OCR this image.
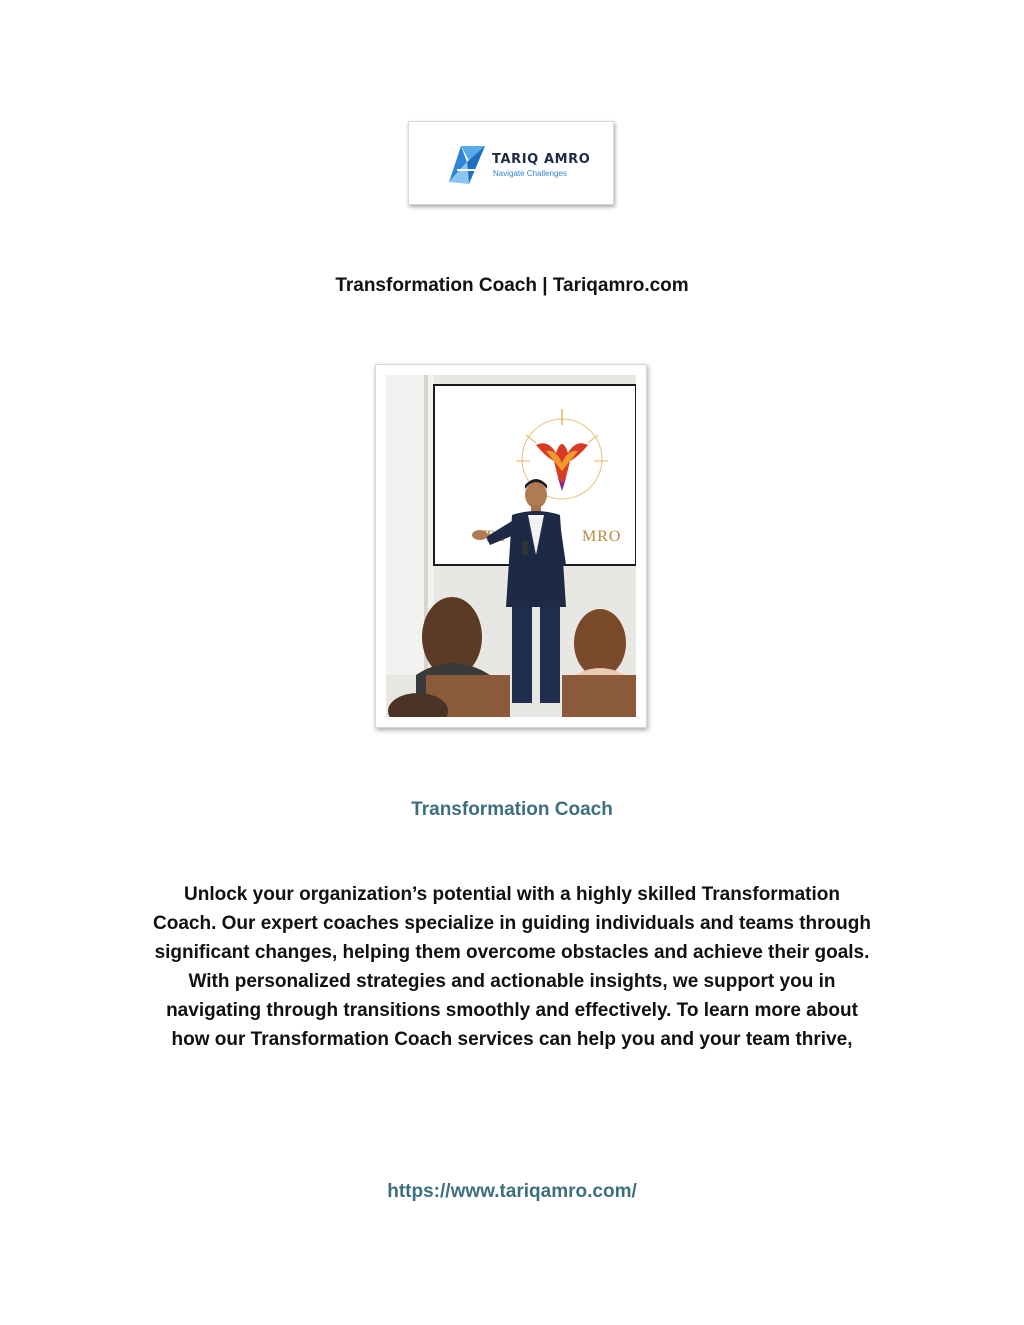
TARIQ AMRO
Navigate Challenges
Transformation Coach | Tariqamro.com
MRO
Transformation Coach
Unlock your organization’s potential with a highly skilled Transformation Coach. Our expert coaches specialize in guiding individuals and teams through significant changes, helping them overcome obstacles and achieve their goals. With personalized strategies and actionable insights, we support you in navigating through transitions smoothly and effectively. To learn more about how our Transformation Coach services can help you and your team thrive,
https://www.tariqamro.com/
